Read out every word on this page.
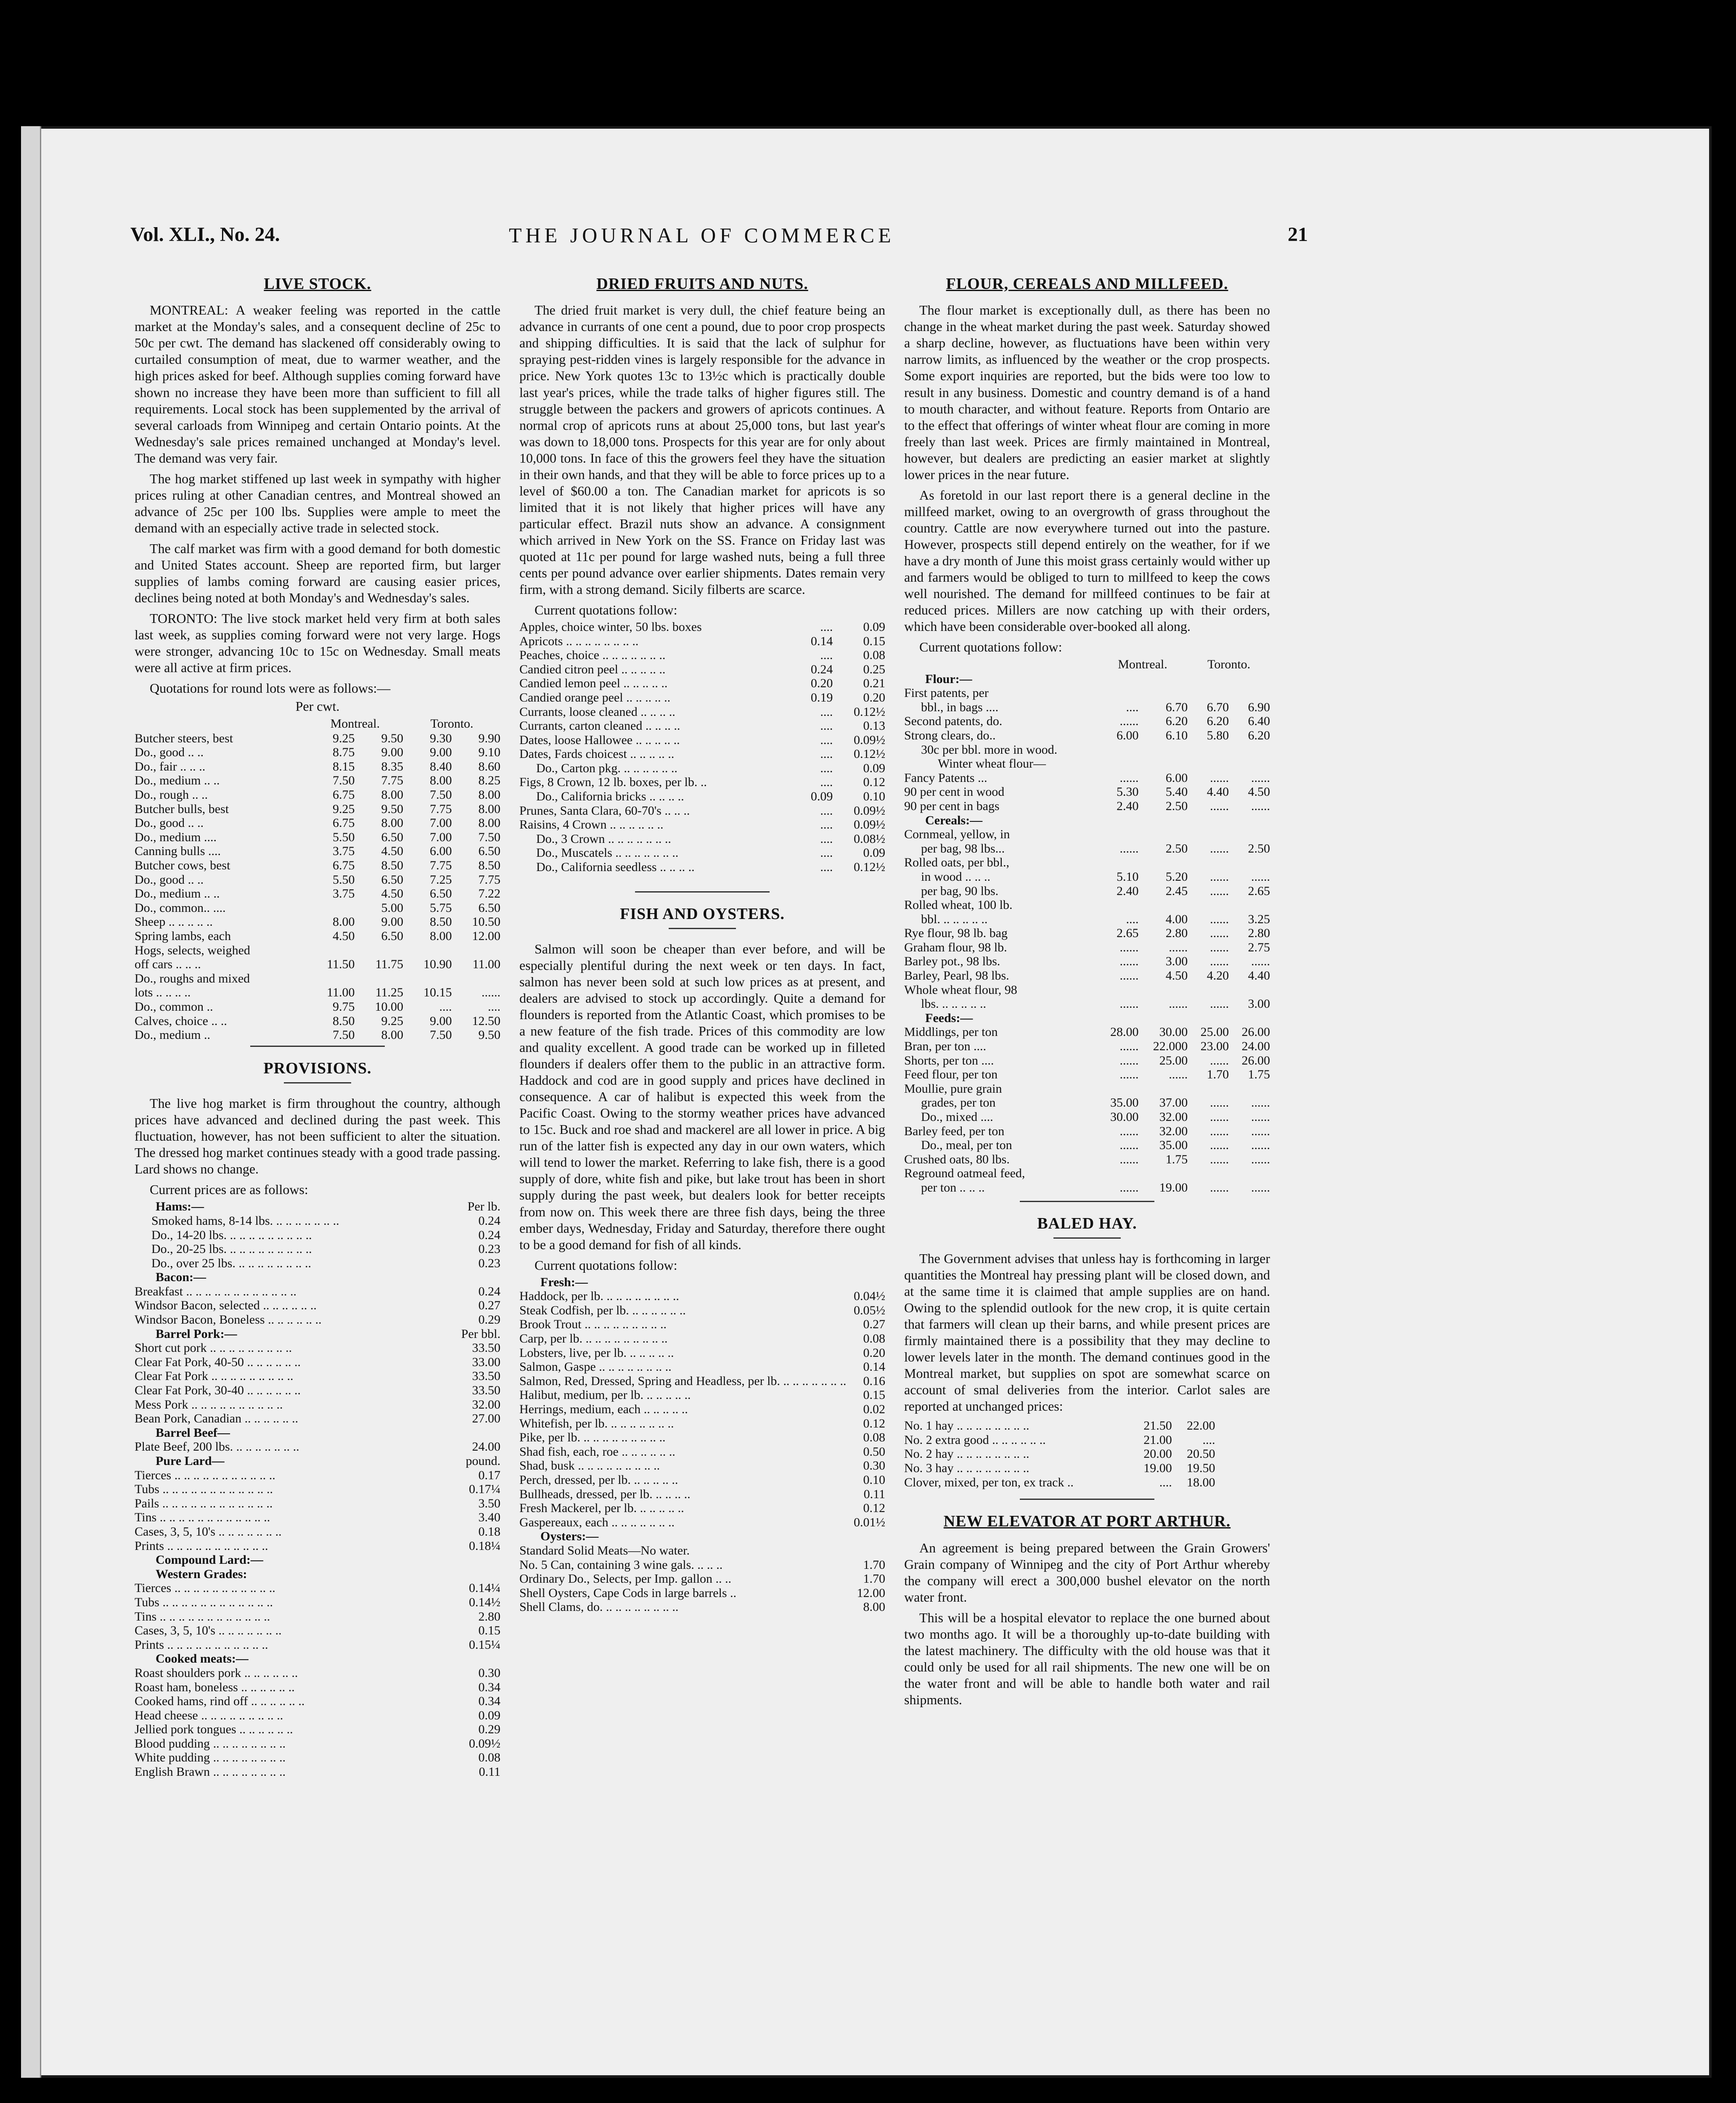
Vol. XLI., No. 24.	THE JOURNAL OF COMMERCE	21
LIVE STOCK.

MONTREAL: A weaker feeling was reported in the cattle market at the Monday's sales, and a consequent decline of 25c to 50c per cwt. The demand has slackened off considerably owing to curtailed consumption of meat, due to warmer weather, and the high prices asked for beef. Although supplies coming forward have shown no increase they have been more than sufficient to fill all requirements. Local stock has been supplemented by the arrival of several carloads from Winnipeg and certain Ontario points. At the Wednesday's sale prices remained unchanged at Monday's level. The demand was very fair.

The hog market stiffened up last week in sympathy with higher prices ruling at other Canadian centres, and Montreal showed an advance of 25c per 100 lbs. Supplies were ample to meet the demand with an especially active trade in selected stock.

The calf market was firm with a good demand for both domestic and United States account. Sheep are reported firm, but larger supplies of lambs coming forward are causing easier prices, declines being noted at both Monday's and Wednesday's sales.

TORONTO: The live stock market held very firm at both sales last week, as supplies coming forward were not very large. Hogs were stronger, advancing 10c to 15c on Wednesday. Small meats were all active at firm prices.

Quotations for round lots were as follows:—
Per cwt.
	Montreal.		Toronto.	
Butcher steers, best	9.25	9.50	9.30	9.90
Do., good .. ..	8.75	9.00	9.00	9.10
Do., fair .. .. ..	8.15	8.35	8.40	8.60
Do., medium .. ..	7.50	7.75	8.00	8.25
Do., rough .. ..	6.75	8.00	7.50	8.00
Butcher bulls, best	9.25	9.50	7.75	8.00
Do., good .. ..	6.75	8.00	7.00	8.00
Do., medium ....	5.50	6.50	7.00	7.50
Canning bulls ....	3.75	4.50	6.00	6.50
Butcher cows, best	6.75	8.50	7.75	8.50
Do., good .. ..	5.50	6.50	7.25	7.75
Do., medium .. ..	3.75	4.50	6.50	7.22
Do., common.. ....		5.00	5.75	6.50
Sheep .. .. .. .. ..	8.00	9.00	8.50	10.50
Spring lambs, each	4.50	6.50	8.00	12.00
Hogs, selects, weighed				
off cars .. .. ..	11.50	11.75	10.90	11.00
Do., roughs and mixed				
lots .. .. .. ..	11.00	11.25	10.15	......
Do., common ..	9.75	10.00	....	....
Calves, choice .. ..	8.50	9.25	9.00	12.50
Do., medium ..	7.50	8.00	7.50	9.50
PROVISIONS.

The live hog market is firm throughout the country, although prices have advanced and declined during the past week. This fluctuation, however, has not been sufficient to alter the situation. The dressed hog market continues steady with a good trade passing. Lard shows no change.

Current prices are as follows:
Hams:—	Per lb.
Smoked hams, 8-14 lbs. .. .. .. .. .. .. ..	0.24
Do., 14-20 lbs. .. .. .. .. .. .. .. .. ..	0.24
Do., 20-25 lbs. .. .. .. .. .. .. .. .. ..	0.23
Do., over 25 lbs. .. .. .. .. .. .. .. ..	0.23
Bacon:—	
Breakfast .. .. .. .. .. .. .. .. .. .. .. ..	0.24
Windsor Bacon, selected .. .. .. .. .. ..	0.27
Windsor Bacon, Boneless .. .. .. .. .. ..	0.29
Barrel Pork:—	Per bbl.
Short cut pork .. .. .. .. .. .. .. .. ..	33.50
Clear Fat Pork, 40-50 .. .. .. .. .. ..	33.00
Clear Fat Pork .. .. .. .. .. .. .. .. ..	33.50
Clear Fat Pork, 30-40 .. .. .. .. .. ..	33.50
Mess Pork .. .. .. .. .. .. .. .. .. ..	32.00
Bean Pork, Canadian .. .. .. .. .. ..	27.00
Barrel Beef—	
Plate Beef, 200 lbs. .. .. .. .. .. .. ..	24.00
Pure Lard—	pound.
Tierces .. .. .. .. .. .. .. .. .. .. ..	0.17
Tubs .. .. .. .. .. .. .. .. .. .. .. ..	0.17¼
Pails .. .. .. .. .. .. .. .. .. .. .. ..	3.50
Tins .. .. .. .. .. .. .. .. .. .. .. ..	3.40
Cases, 3, 5, 10's .. .. .. .. .. .. ..	0.18
Prints .. .. .. .. .. .. .. .. .. .. ..	0.18¼
Compound Lard:—	
Western Grades:	
Tierces .. .. .. .. .. .. .. .. .. .. ..	0.14¼
Tubs .. .. .. .. .. .. .. .. .. .. .. ..	0.14½
Tins .. .. .. .. .. .. .. .. .. .. .. ..	2.80
Cases, 3, 5, 10's .. .. .. .. .. .. ..	0.15
Prints .. .. .. .. .. .. .. .. .. .. ..	0.15¼
Cooked meats:—	
Roast shoulders pork .. .. .. .. .. ..	0.30
Roast ham, boneless .. .. .. .. .. ..	0.34
Cooked hams, rind off .. .. .. .. .. ..	0.34
Head cheese .. .. .. .. .. .. .. .. ..	0.09
Jellied pork tongues .. .. .. .. .. ..	0.29
Blood pudding .. .. .. .. .. .. .. ..	0.09½
White pudding .. .. .. .. .. .. .. ..	0.08
English Brawn .. .. .. .. .. .. .. ..	0.11
DRIED FRUITS AND NUTS.

The dried fruit market is very dull, the chief feature being an advance in currants of one cent a pound, due to poor crop prospects and shipping difficulties. It is said that the lack of sulphur for spraying pest-ridden vines is largely responsible for the advance in price. New York quotes 13c to 13½c which is practically double last year's prices, while the trade talks of higher figures still. The struggle between the packers and growers of apricots continues. A normal crop of apricots runs at about 25,000 tons, but last year's was down to 18,000 tons. Prospects for this year are for only about 10,000 tons. In face of this the growers feel they have the situation in their own hands, and that they will be able to force prices up to a level of $60.00 a ton. The Canadian market for apricots is so limited that it is not likely that higher prices will have any particular effect. Brazil nuts show an advance. A consignment which arrived in New York on the SS. France on Friday last was quoted at 11c per pound for large washed nuts, being a full three cents per pound advance over earlier shipments. Dates remain very firm, with a strong demand. Sicily filberts are scarce.

Current quotations follow:
Apples, choice winter, 50 lbs. boxes	....	0.09
Apricots .. .. .. .. .. .. .. ..	0.14	0.15
Peaches, choice .. .. .. .. .. .. ..	....	0.08
Candied citron peel .. .. .. .. ..	0.24	0.25
Candied lemon peel .. .. .. .. ..	0.20	0.21
Candied orange peel .. .. .. .. ..	0.19	0.20
Currants, loose cleaned .. .. .. ..	....	0.12½
Currants, carton cleaned .. .. .. ..	....	0.13
Dates, loose Hallowee .. .. .. .. ..	....	0.09½
Dates, Fards choicest .. .. .. .. ..	....	0.12½
Do., Carton pkg. .. .. .. .. .. ..	....	0.09
Figs, 8 Crown, 12 lb. boxes, per lb. ..	....	0.12
Do., California bricks .. .. .. ..	0.09	0.10
Prunes, Santa Clara, 60-70's .. .. ..	....	0.09½
Raisins, 4 Crown .. .. .. .. .. ..	....	0.09½
Do., 3 Crown .. .. .. .. .. .. ..	....	0.08½
Do., Muscatels .. .. .. .. .. .. ..	....	0.09
Do., California seedless .. .. .. ..	....	0.12½
FISH AND OYSTERS.

Salmon will soon be cheaper than ever before, and will be especially plentiful during the next week or ten days. In fact, salmon has never been sold at such low prices as at present, and dealers are advised to stock up accordingly. Quite a demand for flounders is reported from the Atlantic Coast, which promises to be a new feature of the fish trade. Prices of this commodity are low and quality excellent. A good trade can be worked up in filleted flounders if dealers offer them to the public in an attractive form. Haddock and cod are in good supply and prices have declined in consequence. A car of halibut is expected this week from the Pacific Coast. Owing to the stormy weather prices have advanced to 15c. Buck and roe shad and mackerel are all lower in price. A big run of the latter fish is expected any day in our own waters, which will tend to lower the market. Referring to lake fish, there is a good supply of dore, white fish and pike, but lake trout has been in short supply during the past week, but dealers look for better receipts from now on. This week there are three fish days, being the three ember days, Wednesday, Friday and Saturday, therefore there ought to be a good demand for fish of all kinds.

Current quotations follow:
Fresh:—	
Haddock, per lb. .. .. .. .. .. .. .. ..	0.04½
Steak Codfish, per lb. .. .. .. .. .. ..	0.05½
Brook Trout .. .. .. .. .. .. .. .. ..	0.27
Carp, per lb. .. .. .. .. .. .. .. .. ..	0.08
Lobsters, live, per lb. .. .. .. .. ..	0.20
Salmon, Gaspe .. .. .. .. .. .. .. ..	0.14
Salmon, Red, Dressed, Spring and Headless, per lb. .. .. .. .. .. .. ..	0.16
Halibut, medium, per lb. .. .. .. .. ..	0.15
Herrings, medium, each .. .. .. .. ..	0.02
Whitefish, per lb. .. .. .. .. .. .. ..	0.12
Pike, per lb. .. .. .. .. .. .. .. .. ..	0.08
Shad fish, each, roe .. .. .. .. .. ..	0.50
Shad, busk .. .. .. .. .. .. .. .. ..	0.30
Perch, dressed, per lb. .. .. .. .. ..	0.10
Bullheads, dressed, per lb. .. .. .. ..	0.11
Fresh Mackerel, per lb. .. .. .. .. ..	0.12
Gaspereaux, each .. .. .. .. .. .. ..	0.01½
Oysters:—	
Standard Solid Meats—No water.	
No. 5 Can, containing 3 wine gals. .. .. ..	1.70
Ordinary Do., Selects, per Imp. gallon .. ..	1.70
Shell Oysters, Cape Cods in large barrels ..	12.00
Shell Clams, do. .. .. .. .. .. .. .. ..	8.00
FLOUR, CEREALS AND MILLFEED.

The flour market is exceptionally dull, as there has been no change in the wheat market during the past week. Saturday showed a sharp decline, however, as fluctuations have been within very narrow limits, as influenced by the weather or the crop prospects. Some export inquiries are reported, but the bids were too low to result in any business. Domestic and country demand is of a hand to mouth character, and without feature. Reports from Ontario are to the effect that offerings of winter wheat flour are coming in more freely than last week. Prices are firmly maintained in Montreal, however, but dealers are predicting an easier market at slightly lower prices in the near future.

As foretold in our last report there is a general decline in the millfeed market, owing to an overgrowth of grass throughout the country. Cattle are now everywhere turned out into the pasture. However, prospects still depend entirely on the weather, for if we have a dry month of June this moist grass certainly would wither up and farmers would be obliged to turn to millfeed to keep the cows well nourished. The demand for millfeed continues to be fair at reduced prices. Millers are now catching up with their orders, which have been considerable over-booked all along.

Current quotations follow:
	Montreal.		Toronto.	
Flour:—				
First patents, per				
bbl., in bags ....	....	6.70	6.70	6.90
Second patents, do.	......	6.20	6.20	6.40
Strong clears, do..	6.00	6.10	5.80	6.20
30c per bbl. more in wood.				
Winter wheat flour—				
Fancy Patents ...	......	6.00	......	......
90 per cent in wood	5.30	5.40	4.40	4.50
90 per cent in bags	2.40	2.50	......	......
Cereals:—				
Cornmeal, yellow, in				
per bag, 98 lbs...	......	2.50	......	2.50
Rolled oats, per bbl.,				
in wood .. .. ..	5.10	5.20	......	......
per bag, 90 lbs.	2.40	2.45	......	2.65
Rolled wheat, 100 lb.				
bbl. .. .. .. .. ..	....	4.00	......	3.25
Rye flour, 98 lb. bag	2.65	2.80	......	2.80
Graham flour, 98 lb.	......	......	......	2.75
Barley pot., 98 lbs.	......	3.00	......	......
Barley, Pearl, 98 lbs.	......	4.50	4.20	4.40
Whole wheat flour, 98				
lbs. .. .. .. .. ..	......	......	......	3.00
Feeds:—				
Middlings, per ton	28.00	30.00	25.00	26.00
Bran, per ton ....	......	22.000	23.00	24.00
Shorts, per ton ....	......	25.00	......	26.00
Feed flour, per ton	......	......	1.70	1.75
Moullie, pure grain				
grades, per ton	35.00	37.00	......	......
Do., mixed ....	30.00	32.00	......	......
Barley feed, per ton	......	32.00	......	......
Do., meal, per ton	......	35.00	......	......
Crushed oats, 80 lbs.	......	1.75	......	......
Reground oatmeal feed,				
per ton .. .. ..	......	19.00	......	......
BALED HAY.

The Government advises that unless hay is forthcoming in larger quantities the Montreal hay pressing plant will be closed down, and at the same time it is claimed that ample supplies are on hand. Owing to the splendid outlook for the new crop, it is quite certain that farmers will clean up their barns, and while present prices are firmly maintained there is a possibility that they may decline to lower levels later in the month. The demand continues good in the Montreal market, but supplies on spot are somewhat scarce on account of smal deliveries from the interior. Carlot sales are reported at unchanged prices:

No. 1 hay .. .. .. .. .. .. .. ..	21.50	22.00
No. 2 extra good .. .. .. .. .. ..	21.00	....
No. 2 hay .. .. .. .. .. .. .. ..	20.00	20.50
No. 3 hay .. .. .. .. .. .. .. ..	19.00	19.50
Clover, mixed, per ton, ex track ..	....	18.00
NEW ELEVATOR AT PORT ARTHUR.

An agreement is being prepared between the Grain Growers' Grain company of Winnipeg and the city of Port Arthur whereby the company will erect a 300,000 bushel elevator on the north water front.

This will be a hospital elevator to replace the one burned about two months ago. It will be a thoroughly up-to-date building with the latest machinery. The difficulty with the old house was that it could only be used for all rail shipments. The new one will be on the water front and will be able to handle both water and rail shipments.
